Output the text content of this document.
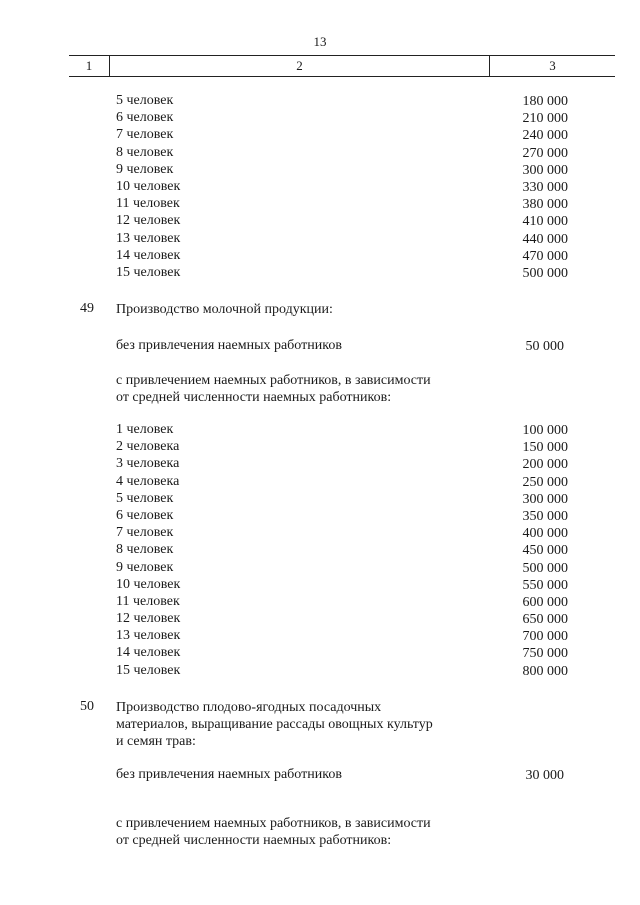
13
1	2	3
5 человек	180 000
6 человек	210 000
7 человек	240 000
8 человек	270 000
9 человек	300 000
10 человек	330 000
11 человек	380 000
12 человек	410 000
13 человек	440 000
14 человек	470 000
15 человек	500 000
49 Производство молочной продукции:
без привлечения наемных работников	50 000
с привлечением наемных работников, в зависимости
от средней численности наемных работников:
1 человек	100 000
2 человека	150 000
3 человека	200 000
4 человека	250 000
5 человек	300 000
6 человек	350 000
7 человек	400 000
8 человек	450 000
9 человек	500 000
10 человек	550 000
11 человек	600 000
12 человек	650 000
13 человек	700 000
14 человек	750 000
15 человек	800 000
50 Производство плодово-ягодных посадочных
материалов, выращивание рассады овощных культур
и семян трав:
без привлечения наемных работников	30 000
с привлечением наемных работников, в зависимости
от средней численности наемных работников:
